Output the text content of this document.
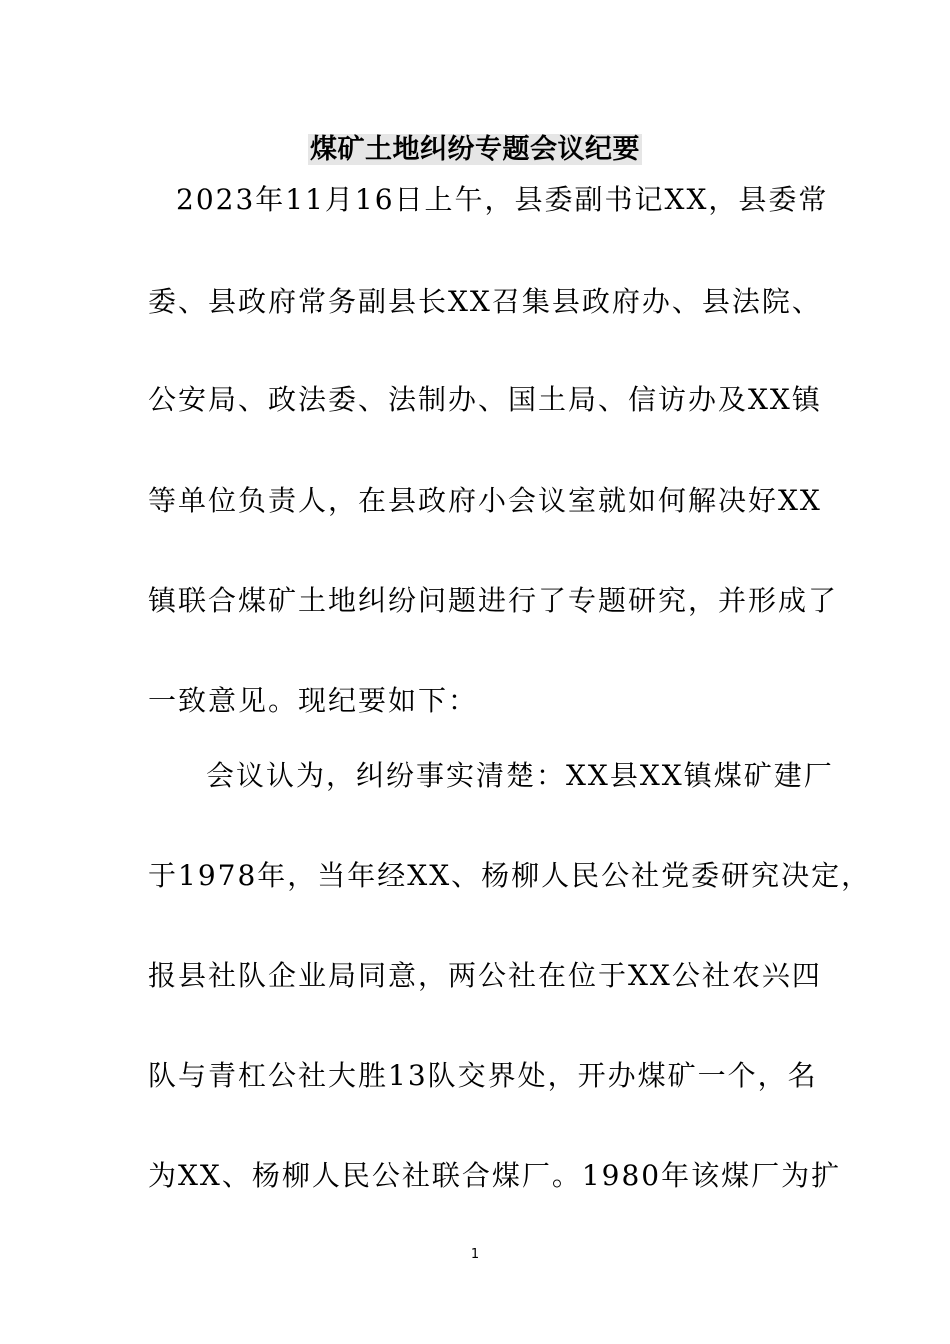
煤矿土地纠纷专题会议纪要
2023年11月16日上午，县委副书记XX，县委常
委、县政府常务副县长XX召集县政府办、县法院、
公安局、政法委、法制办、国土局、信访办及XX镇
等单位负责人，在县政府小会议室就如何解决好XX
镇联合煤矿土地纠纷问题进行了专题研究，并形成了
一致意见。现纪要如下：
会议认为，纠纷事实清楚：XX县XX镇煤矿建厂
于1978年，当年经XX、杨柳人民公社党委研究决定，
报县社队企业局同意，两公社在位于XX公社农兴四
队与青杠公社大胜13队交界处，开办煤矿一个，名
为XX、杨柳人民公社联合煤厂。1980年该煤厂为扩
1
